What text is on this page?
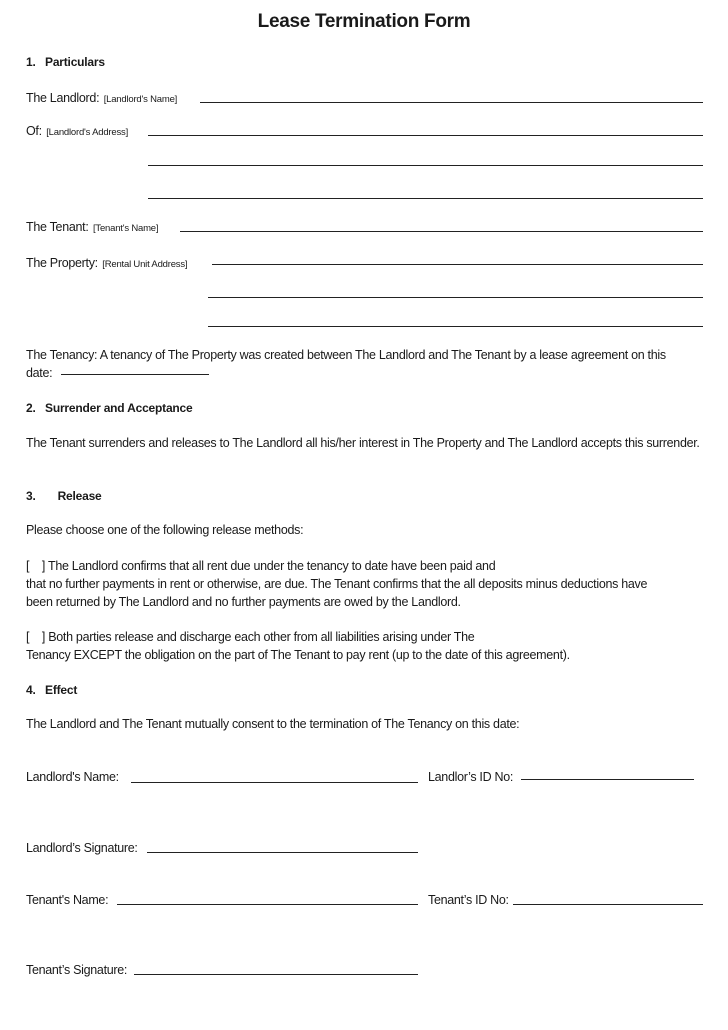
Lease Termination Form
1. Particulars
The Landlord: [Landlord's Name]
Of: [Landlord's Address]
The Tenant: [Tenant's Name]
The Property: [Rental Unit Address]
The Tenancy: A tenancy of The Property was created between The Landlord and The Tenant by a lease agreement on this
date:
2. Surrender and Acceptance
The Tenant surrenders and releases to The Landlord all his/her interest in The Property and The Landlord accepts this surrender.
3. Release
Please choose one of the following release methods:
[    ] The Landlord confirms that all rent due under the tenancy to date have been paid and
that no further payments in rent or otherwise, are due. The Tenant confirms that the all deposits minus deductions have
been returned by The Landlord and no further payments are owed by the Landlord.
[    ] Both parties release and discharge each other from all liabilities arising under The
Tenancy EXCEPT the obligation on the part of The Tenant to pay rent (up to the date of this agreement).
4. Effect
The Landlord and The Tenant mutually consent to the termination of The Tenancy on this date:
Landlord's Name:	Landlor’s ID No:
Landlord’s Signature:
Tenant's Name:	Tenant’s ID No:
Tenant’s Signature:
